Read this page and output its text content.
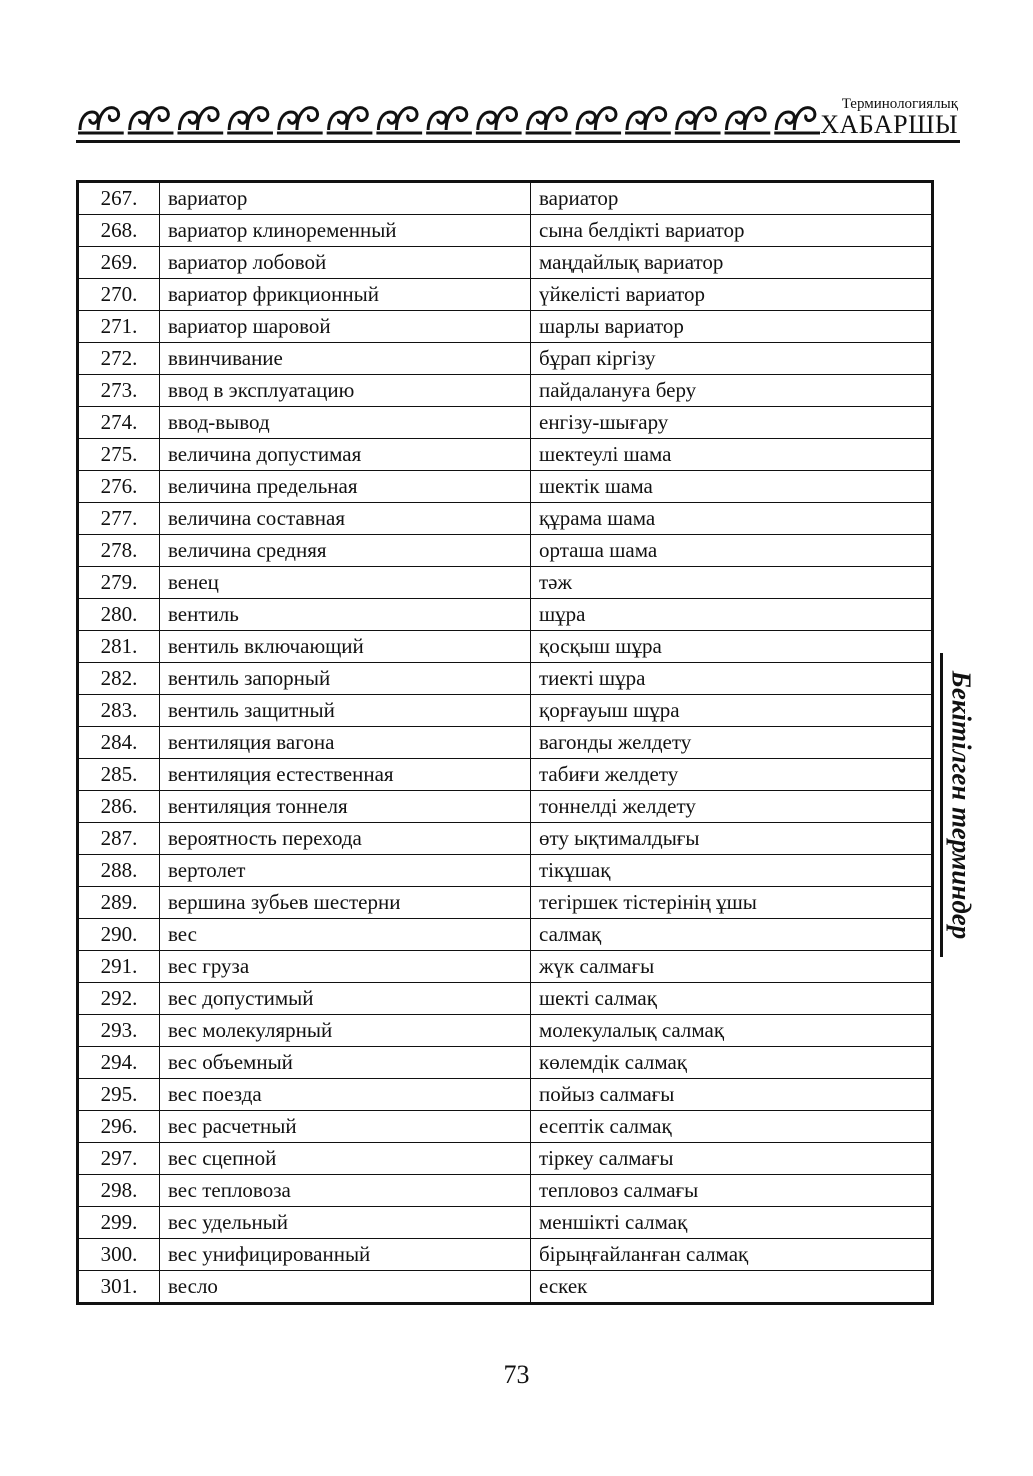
Терминологиялық
ХАБАРШЫ
267.	вариатор	вариатор
268.	вариатор клиноременный	сына белдікті вариатор
269.	вариатор лобовой	маңдайлық вариатор
270.	вариатор фрикционный	үйкелісті вариатор
271.	вариатор шаровой	шарлы вариатор
272.	ввинчивание	бұрап кіргізу
273.	ввод в эксплуатацию	пайдалануға беру
274.	ввод-вывод	енгізу-шығару
275.	величина допустимая	шектеулі шама
276.	величина предельная	шектік шама
277.	величина составная	құрама шама
278.	величина средняя	орташа шама
279.	венец	тәж
280.	вентиль	шұра
281.	вентиль включающий	қосқыш шұра
282.	вентиль запорный	тиекті шұра
283.	вентиль защитный	қорғауыш шұра
284.	вентиляция вагона	вагонды желдету
285.	вентиляция естественная	табиғи желдету
286.	вентиляция тоннеля	тоннелді желдету
287.	вероятность перехода	өту ықтималдығы
288.	вертолет	тікұшақ
289.	вершина зубьев шестерни	тегіршек тістерінің ұшы
290.	вес	салмақ
291.	вес груза	жүк салмағы
292.	вес допустимый	шекті салмақ
293.	вес молекулярный	молекулалық салмақ
294.	вес объемный	көлемдік салмақ
295.	вес поезда	пойыз салмағы
296.	вес расчетный	есептік салмақ
297.	вес сцепной	тіркеу салмағы
298.	вес тепловоза	тепловоз салмағы
299.	вес удельный	меншікті салмақ
300.	вес унифицированный	бірыңғайланған салмақ
301.	весло	ескек
Бекітілген терминдер
73
